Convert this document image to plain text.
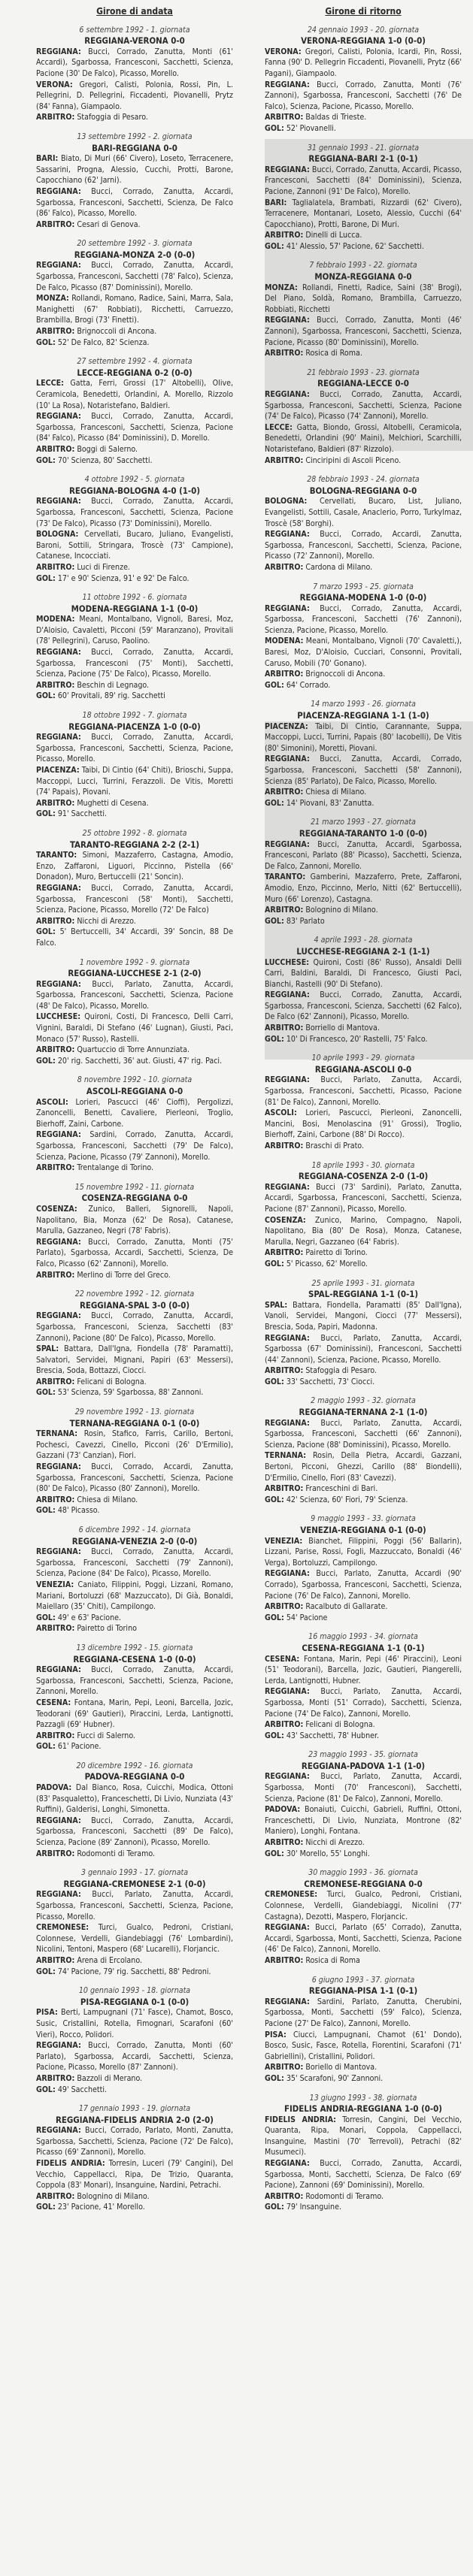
Girone di andata
6 settembre 1992 - 1. giornata
REGGIANA-VERONA 0-0
REGGIANA: Bucci, Corrado, Zanutta, Monti (61' Accardi), Sgarbossa, Francesconi, Sacchetti, Scienza, Pacione (30' De Falco), Picasso, Morello.
VERONA: Gregori, Calisti, Polonia, Rossi, Pin, L. Pellegrini, D. Pellegrini, Ficcadenti, Piovanelli, Prytz (84' Fanna), Giampaolo.
ARBITRO: Stafoggia di Pesaro.
13 settembre 1992 - 2. giornata
BARI-REGGIANA 0-0
BARI: Biato, Di Muri (66' Civero), Loseto, Terracenere, Sassarini, Progna, Alessio, Cucchi, Protti, Barone, Capocchiano (62' Jarni).
REGGIANA: Bucci, Corrado, Zanutta, Accardi, Sgarbossa, Francesconi, Sacchetti, Scienza, De Falco (86' Falco), Picasso, Morello.
ARBITRO: Cesari di Genova.
20 settembre 1992 - 3. giornata
REGGIANA-MONZA 2-0 (0-0)
REGGIANA: Bucci, Corrado, Zanutta, Accardi, Sgarbossa, Francesconi, Sacchetti (78' Falco), Scienza, De Falco, Picasso (87' Dominissini), Morello.
MONZA: Rollandi, Romano, Radice, Saini, Marra, Sala, Manighetti (67' Robbiati), Ricchetti, Carruezzo, Brambilla, Brogi (73' Finetti).
ARBITRO: Brignoccoli di Ancona.
GOL: 52' De Falco, 82' Scienza.
27 settembre 1992 - 4. giornata
LECCE-REGGIANA 0-2 (0-0)
LECCE: Gatta, Ferri, Grossi (17' Altobelli), Olive, Ceramicola, Benedetti, Orlandini, A. Morello, Rizzolo (10' La Rosa), Notaristefano, Baldieri.
REGGIANA: Bucci, Corrado, Zanutta, Accardi, Sgarbossa, Francesconi, Sacchetti, Scienza, Pacione (84' Falco), Picasso (84' Dominissini), D. Morello.
ARBITRO: Boggi di Salerno.
GOL: 70' Scienza, 80' Sacchetti.
4 ottobre 1992 - 5. giornata
REGGIANA-BOLOGNA 4-0 (1-0)
REGGIANA: Bucci, Corrado, Zanutta, Accardi, Sgarbossa, Francesconi, Sacchetti, Scienza, Pacione (73' De Falco), Picasso (73' Dominissini), Morello.
BOLOGNA: Cervellati, Bucaro, Juliano, Evangelisti, Baroni, Sottili, Stringara, Troscè (73' Campione), Catanese, Incocciati.
ARBITRO: Luci di Firenze.
GOL: 17' e 90' Scienza, 91' e 92' De Falco.
11 ottobre 1992 - 6. giornata
MODENA-REGGIANA 1-1 (0-0)
MODENA: Meani, Montalbano, Vignoli, Baresi, Moz, D'Aloisio, Cavaletti, Picconi (59' Maranzano), Provitali (78' Pellegrini), Caruso, Paolino.
REGGIANA: Bucci, Corrado, Zanutta, Accardi, Sgarbossa, Francesconi (75' Monti), Sacchetti, Scienza, Pacione (75' De Falco), Picasso, Morello.
ARBITRO: Beschin di Legnago.
GOL: 60' Provitali, 89' rig. Sacchetti
18 ottobre 1992 - 7. giornata
REGGIANA-PIACENZA 1-0 (0-0)
REGGIANA: Bucci, Corrado, Zanutta, Accardi, Sgarbossa, Francesconi, Sacchetti, Scienza, Pacione, Picasso, Morello.
PIACENZA: Taibi, Di Cintio (64' Chiti), Brioschi, Suppa, Maccoppi, Lucci, Turrini, Ferazzoli. De Vitis, Moretti (74' Papais), Piovani.
ARBITRO: Mughetti di Cesena.
GOL: 91' Sacchetti.
25 ottobre 1992 - 8. giornata
TARANTO-REGGIANA 2-2 (2-1)
TARANTO: Simoni, Mazzaferro, Castagna, Amodio, Enzo, Zaffaroni, Liguori, Piccinno, Pistella (66' Donadon), Muro, Bertuccelli (21' Soncin).
REGGIANA: Bucci, Corrado, Zanutta, Accardi, Sgarbossa, Francesconi (58' Monti), Sacchetti, Scienza, Pacione, Picasso, Morello (72' De Falco)
ARBITRO: Nicchi di Arezzo.
GOL: 5' Bertuccelli, 34' Accardi, 39' Soncin, 88 De Falco.
1 novembre 1992 - 9. giornata
REGGIANA-LUCCHESE 2-1 (2-0)
REGGIANA: Bucci, Parlato, Zanutta, Accardi, Sgarbossa, Francesconi, Sacchetti, Scienza, Pacione (48' De Falco), Picasso, Morello.
LUCCHESE: Quironi, Costi, Di Francesco, Delli Carri, Vignini, Baraldi, Di Stefano (46' Lugnan), Giusti, Paci, Monaco (57' Russo), Rastelli.
ARBITRO: Quartuccio di Torre Annunziata.
GOL: 20' rig. Sacchetti, 36' aut. Giusti, 47' rig. Paci.
8 novembre 1992 - 10. giornata
ASCOLI-REGGIANA 0-0
ASCOLI: Lorieri, Pascucci (46' Cioffi), Pergolizzi, Zanoncelli, Benetti, Cavaliere, Pierleoni, Troglio, Bierhoff, Zaini, Carbone.
REGGIANA: Sardini, Corrado, Zanutta, Accardi, Sgarbossa, Francesconi, Sacchetti (79' De Falco), Scienza, Pacione, Picasso (79' Zannoni), Morello.
ARBITRO: Trentalange di Torino.
15 novembre 1992 - 11. giornata
COSENZA-REGGIANA 0-0
COSENZA: Zunico, Balleri, Signorelli, Napoli, Napolitano, Bia, Monza (62' De Rosa), Catanese, Marulla, Gazzaneo, Negri (78' Fabris).
REGGIANA: Bucci, Corrado, Zanutta, Monti (75' Parlato), Sgarbossa, Accardi, Sacchetti, Scienza, De Falco, Picasso (62' Zannoni), Morello.
ARBITRO: Merlino di Torre del Greco.
22 novembre 1992 - 12. giornata
REGGIANA-SPAL 3-0 (0-0)
REGGIANA: Bucci, Corrado, Zanutta, Accardi, Sgarbossa, Francesconi, Scienza, Sacchetti (83' Zannoni), Pacione (80' De Falco), Picasso, Morello.
SPAL: Battara, Dall'Igna, Fiondella (78' Paramatti), Salvatori, Servidei, Mignani, Papiri (63' Messersi), Brescia, Soda, Bottazzi, Ciocci.
ARBITRO: Felicani di Bologna.
GOL: 53' Scienza, 59' Sgarbossa, 88' Zannoni.
29 novembre 1992 - 13. giornata
TERNANA-REGGIANA 0-1 (0-0)
TERNANA: Rosin, Stafico, Farris, Carillo, Bertoni, Pochesci, Cavezzi, Cinello, Picconi (26' D'Ermilio), Gazzani (73' Canzian), Fiori.
REGGIANA: Bucci, Corrado, Accardi, Zanutta, Sgarbossa, Francesconi, Sacchetti, Scienza, Pacione (80' De Falco), Picasso (80' Zannoni), Morello.
ARBITRO: Chiesa di Milano.
GOL: 48' Picasso.
6 dicembre 1992 - 14. giornata
REGGIANA-VENEZIA 2-0 (0-0)
REGGIANA: Bucci, Corrado, Zanutta, Accardi, Sgarbossa, Francesconi, Sacchetti (79' Zannoni), Scienza, Pacione (84' De Falco), Picasso, Morello.
VENEZIA: Caniato, Filippini, Poggi, Lizzani, Romano, Mariani, Bortoluzzi (68' Mazzuccato), Di Già, Bonaldi, Maiellaro (35' Chiti), Campilongo.
GOL: 49' e 63' Pacione.
ARBITRO: Pairetto di Torino
13 dicembre 1992 - 15. giornata
REGGIANA-CESENA 1-0 (0-0)
REGGIANA: Bucci, Corrado, Zanutta, Accardi, Sgarbossa, Francesconi, Sacchetti, Scienza, Pacione, Zannoni, Morello.
CESENA: Fontana, Marin, Pepi, Leoni, Barcella, Jozic, Teodorani (69' Gautieri), Piraccini, Lerda, Lantignotti, Pazzagli (69' Hubner).
ARBITRO: Fucci di Salerno.
GOL: 61' Pacione.
20 dicembre 1992 - 16. giornata
PADOVA-REGGIANA 0-0
PADOVA: Dal Bianco, Rosa, Cuicchi, Modica, Ottoni (83' Pasqualetto), Franceschetti, Di Livio, Nunziata (43' Ruffini), Galderisi, Longhi, Simonetta.
REGGIANA: Bucci, Corrado, Zanutta, Accardi, Sgarbossa, Francesconi, Sacchetti (89' De Falco), Scienza, Pacione (89' Zannoni), Picasso, Morello.
ARBITRO: Rodomonti di Teramo.
3 gennaio 1993 - 17. giornata
REGGIANA-CREMONESE 2-1 (0-0)
REGGIANA: Bucci, Parlato, Zanutta, Accardi, Sgarbossa, Francesconi, Sacchetti, Scienza, Pacione, Picasso, Morello.
CREMONESE: Turci, Gualco, Pedroni, Cristiani, Colonnese, Verdelli, Giandebiaggi (76' Lombardini), Nicolini, Tentoni, Maspero (68' Lucarelli), Florjancic.
ARBITRO: Arena di Ercolano.
GOL: 74' Pacione, 79' rig. Sacchetti, 88' Pedroni.
10 gennaio 1993 - 18. giornata
PISA-REGGIANA 0-1 (0-0)
PISA: Berti, Lampugnani (71' Fasce), Chamot, Bosco, Susic, Cristallini, Rotella, Fimognari, Scarafoni (60' Vieri), Rocco, Polidori.
REGGIANA: Bucci, Corrado, Zanutta, Monti (60' Parlato), Sgarbossa, Accardi, Sacchetti, Scienza, Pacione, Picasso, Morello (87' Zannoni).
ARBITRO: Bazzoli di Merano.
GOL: 49' Sacchetti.
17 gennaio 1993 - 19. giornata
REGGIANA-FIDELIS ANDRIA 2-0 (2-0)
REGGIANA: Bucci, Corrado, Parlato, Monti, Zanutta, Sgarbossa, Sacchetti, Scienza, Pacione (72' De Falco), Picasso (69' Zannoni), Morello.
FIDELIS ANDRIA: Torresin, Luceri (79' Cangini), Del Vecchio, Cappellacci, Ripa, De Trizio, Quaranta, Coppola (83' Monari), Insanguine, Nardini, Petrachi.
ARBITRO: Bolognino di Milano.
GOL: 23' Pacione, 41' Morello.
Girone di ritorno
24 gennaio 1993 - 20. giornata
VERONA-REGGIANA 1-0 (0-0)
VERONA: Gregori, Calisti, Polonia, Icardi, Pin, Rossi, Fanna (90' D. Pellegrin Ficcadenti, Piovanelli, Prytz (66' Pagani), Giampaolo.
REGGIANA: Bucci, Corrado, Zanutta, Monti (76' Zannoni), Sgarbossa, Francesconi, Sacchetti (76' De Falco), Scienza, Pacione, Picasso, Morello.
ARBITRO: Baldas di Trieste.
GOL: 52' Piovanelli.
31 gennaio 1993 - 21. giornata
REGGIANA-BARI 2-1 (0-1)
REGGIANA: Bucci, Corrado, Zanutta, Accardi, Picasso, Francesconi, Sacchetti (84' Dominissini), Scienza, Pacione, Zannoni (91' De Falco), Morello.
BARI: Taglialatela, Brambati, Rizzardi (62' Civero), Terracenere, Montanari, Loseto, Alessio, Cucchi (64' Capocchiano), Protti, Barone, Di Muri.
ARBITRO: Dinelli di Lucca.
GOL: 41' Alessio, 57' Pacione, 62' Sacchetti.
7 febbraio 1993 - 22. giornata
MONZA-REGGIANA 0-0
MONZA: Rollandi, Finetti, Radice, Saini (38' Brogi), Del Piano, Soldà, Romano, Brambilla, Carruezzo, Robbiati, Ricchetti
REGGIANA: Bucci, Corrado, Zanutta, Monti (46' Zannoni), Sgarbossa, Francesconi, Sacchetti, Scienza, Pacione, Picasso (80' Dominissini), Morello.
ARBITRO: Rosica di Roma.
21 febbraio 1993 - 23. giornata
REGGIANA-LECCE 0-0
REGGIANA: Bucci, Corrado, Zanutta, Accardi, Sgarbossa, Francesconi, Sacchetti, Scienza, Pacione (74' De Falco), Picasso (74' Zannoni), Morello.
LECCE: Gatta, Biondo, Grossi, Altobelli, Ceramicola, Benedetti, Orlandini (90' Maini), Melchiori, Scarchilli, Notaristefano, Baldieri (87' Rizzolo).
ARBITRO: Cinciripini di Ascoli Piceno.
28 febbraio 1993 - 24. giornata
BOLOGNA-REGGIANA 0-0
BOLOGNA: Cervellati, Bucaro, List, Juliano, Evangelisti, Sottili, Casale, Anaclerio, Porro, Turkylmaz, Troscè (58' Borghi).
REGGIANA: Bucci, Corrado, Accardi, Zanutta, Sgarbossa, Francesconi, Sacchetti, Scienza, Pacione, Picasso (72' Zannoni), Morello.
ARBITRO: Cardona di Milano.
7 marzo 1993 - 25. giornata
REGGIANA-MODENA 1-0 (0-0)
REGGIANA: Bucci, Corrado, Zanutta, Accardi, Sgarbossa, Francesconi, Sacchetti (76' Zannoni), Scienza, Pacione, Picasso, Morello.
MODENA: Meani, Montalbano, Vignoli (70' Cavaletti,), Baresi, Moz, D'Aloisio, Cucciari, Consonni, Provitali, Caruso, Mobili (70' Gonano).
ARBITRO: Brignoccoli di Ancona.
GOL: 64' Corrado.
14 marzo 1993 - 26. giornata
PIACENZA-REGGIANA 1-1 (1-0)
PIACENZA: Taibi, Di Cintio, Carannante, Suppa, Maccoppi, Lucci, Turrini, Papais (80' Iacobelli), De Vitis (80' Simonini), Moretti, Piovani.
REGGIANA: Bucci, Zanutta, Accardi, Corrado, Sgarbossa, Francesconi, Sacchetti (58' Zannoni), Scienza (85' Parlato), De Falco, Picasso, Morello.
ARBITRO: Chiesa di Milano.
GOL: 14' Piovani, 83' Zanutta.
21 marzo 1993 - 27. giornata
REGGIANA-TARANTO 1-0 (0-0)
REGGIANA: Bucci, Zanutta, Accardi, Sgarbossa, Francesconi, Parlato (88' Picasso), Sacchetti, Scienza, De Falco, Zannoni, Morello.
TARANTO: Gamberini, Mazzaferro, Prete, Zaffaroni, Amodio, Enzo, Piccinno, Merlo, Nitti (62' Bertuccelli), Muro (66' Lorenzo), Castagna.
ARBITRO: Bolognino di Milano.
GOL: 83' Parlato
4 aprile 1993 - 28. giornata
LUCCHESE-REGGIANA 2-1 (1-1)
LUCCHESE: Quironi, Costi (86' Russo), Ansaldi Delli Carri, Baldini, Baraldi, Di Francesco, Giusti Paci, Bianchi, Rastelli (90' Di Stefano).
REGGIANA: Bucci, Corrado, Zanutta, Accardi, Sgarbossa, Francesconi, Scienza, Sacchetti (62 Falco), De Falco (62' Zannoni), Picasso, Morello.
ARBITRO: Borriello di Mantova.
GOL: 10' Di Francesco, 20' Rastelli, 75' Falco.
10 aprile 1993 - 29. giornata
REGGIANA-ASCOLI 0-0
REGGIANA: Bucci, Parlato, Zanutta, Accardi, Sgarbossa, Francesconi, Sacchetti, Picasso, Pacione (81' De Falco), Zannoni, Morello.
ASCOLI: Lorieri, Pascucci, Pierleoni, Zanoncelli, Mancini, Bosi, Menolascina (91' Grossi), Troglio, Bierhoff, Zaini, Carbone (88' Di Rocco).
ARBITRO: Braschi di Prato.
18 aprile 1993 - 30. giornata
REGGIANA-COSENZA 2-0 (1-0)
REGGIANA: Bucci (73' Sardini), Parlato, Zanutta, Accardi, Sgarbossa, Francesconi, Sacchetti, Scienza, Pacione (87' Zannoni), Picasso, Morello.
COSENZA: Zunico, Marino, Compagno, Napoli, Napolitano, Bia (80' De Rosa), Monza, Catanese, Marulla, Negri, Gazzaneo (64' Fabris).
ARBITRO: Pairetto di Torino.
GOL: 5' Picasso, 62' Morello.
25 aprile 1993 - 31. giornata
SPAL-REGGIANA 1-1 (0-1)
SPAL: Battara, Fiondella, Paramatti (85' Dall'Igna), Vanoli, Servidei, Mangoni, Ciocci (77' Messersi), Brescia, Soda, Papiri, Madonna.
REGGIANA: Bucci, Parlato, Zanutta, Accardi, Sgarbossa (67' Dominissini), Francesconi, Sacchetti (44' Zannoni), Scienza, Pacione, Picasso, Morello.
ARBITRO: Stafoggia di Pesaro.
GOL: 33' Sacchetti, 73' Ciocci.
2 maggio 1993 - 32. giornata
REGGIANA-TERNANA 2-1 (1-0)
REGGIANA: Bucci, Parlato, Zanutta, Accardi, Sgarbossa, Francesconi, Sacchetti (66' Zannoni), Scienza, Pacione (88' Dominissini), Picasso, Morello.
TERNANA: Rosin, Della Pietra, Accardi, Gazzani, Bertoni, Picconi, Ghezzi, Carillo (88' Biondelli), D'Ermilio, Cinello, Fiori (83' Cavezzi).
ARBITRO: Franceschini di Bari.
GOL: 42' Scienza, 60' Fiori, 79' Scienza.
9 maggio 1993 - 33. giornata
VENEZIA-REGGIANA 0-1 (0-0)
VENEZIA: Bianchet, Filippini, Poggi (56' Ballarin), Lizzani, Parise, Rossi, Fogli, Mazzuccato, Bonaldi (46' Verga), Bortoluzzi, Campilongo.
REGGIANA: Bucci, Parlato, Zanutta, Accardi (90' Corrado), Sgarbossa, Francesconi, Sacchetti, Scienza, Pacione (76' De Falco), Zannoni, Morello.
ARBITRO: Racalbuto di Gallarate.
GOL: 54' Pacione
16 maggio 1993 - 34. giornata
CESENA-REGGIANA 1-1 (0-1)
CESENA: Fontana, Marin, Pepi (46' Piraccini), Leoni (51' Teodorani), Barcella, Jozic, Gautieri, Piangerelli, Lerda, Lantignotti, Hubner.
REGGIANA: Bucci, Parlato, Zanutta, Accardi, Sgarbossa, Monti (51' Corrado), Sacchetti, Scienza, Pacione (74' De Falco), Zannoni, Morello.
ARBITRO: Felicani di Bologna.
GOL: 43' Sacchetti, 78' Hubner.
23 maggio 1993 - 35. giornata
REGGIANA-PADOVA 1-1 (1-0)
REGGIANA: Bucci, Parlato, Zanutta, Accardi, Sgarbossa, Monti (70' Francesconi), Sacchetti, Scienza, Pacione (81' De Falco), Zannoni, Morello.
PADOVA: Bonaiuti, Cuicchi, Gabrieli, Ruffini, Ottoni, Franceschetti, Di Livio, Nunziata, Montrone (82' Maniero), Longhi, Fontana.
ARBITRO: Nicchi di Arezzo.
GOL: 30' Morello, 55' Longhi.
30 maggio 1993 - 36. giornata
CREMONESE-REGGIANA 0-0
CREMONESE: Turci, Gualco, Pedroni, Cristiani, Colonnese, Verdelli, Giandebiaggi, Nicolini (77' Castagna), Dezotti, Maspero, Florjancic.
REGGIANA: Bucci, Parlato (65' Corrado), Zanutta, Accardi, Sgarbossa, Monti, Sacchetti, Scienza, Pacione (46' De Falco), Zannoni, Morello.
ARBITRO: Rosica di Roma
6 giugno 1993 - 37. giornata
REGGIANA-PISA 1-1 (0-1)
REGGIANA: Sardini, Parlato, Zanutta, Cherubini, Sgarbossa, Monti, Sacchetti (59' Falco), Scienza, Pacione (27' De Falco), Zannoni, Morello.
PISA: Ciucci, Lampugnani, Chamot (61' Dondo), Bosco, Susic, Fasce, Rotella, Fiorentini, Scarafoni (71' Gabriellini), Cristallini, Polidori.
ARBITRO: Boriello di Mantova.
GOL: 35' Scarafoni, 90' Zannoni.
13 giugno 1993 - 38. giornata
FIDELIS ANDRIA-REGGIANA 1-0 (0-0)
FIDELIS ANDRIA: Torresin, Cangini, Del Vecchio, Quaranta, Ripa, Monari, Coppola, Cappellacci, Insanguine, Mastini (70' Terrevoli), Petrachi (82' Musumeci).
REGGIANA: Bucci, Corrado, Zanutta, Accardi, Sgarbossa, Monti, Sacchetti, Scienza, De Falco (69' Pacione), Zannoni (69' Dominissini), Morello.
ARBITRO: Rodomonti di Teramo.
GOL: 79' Insanguine.
